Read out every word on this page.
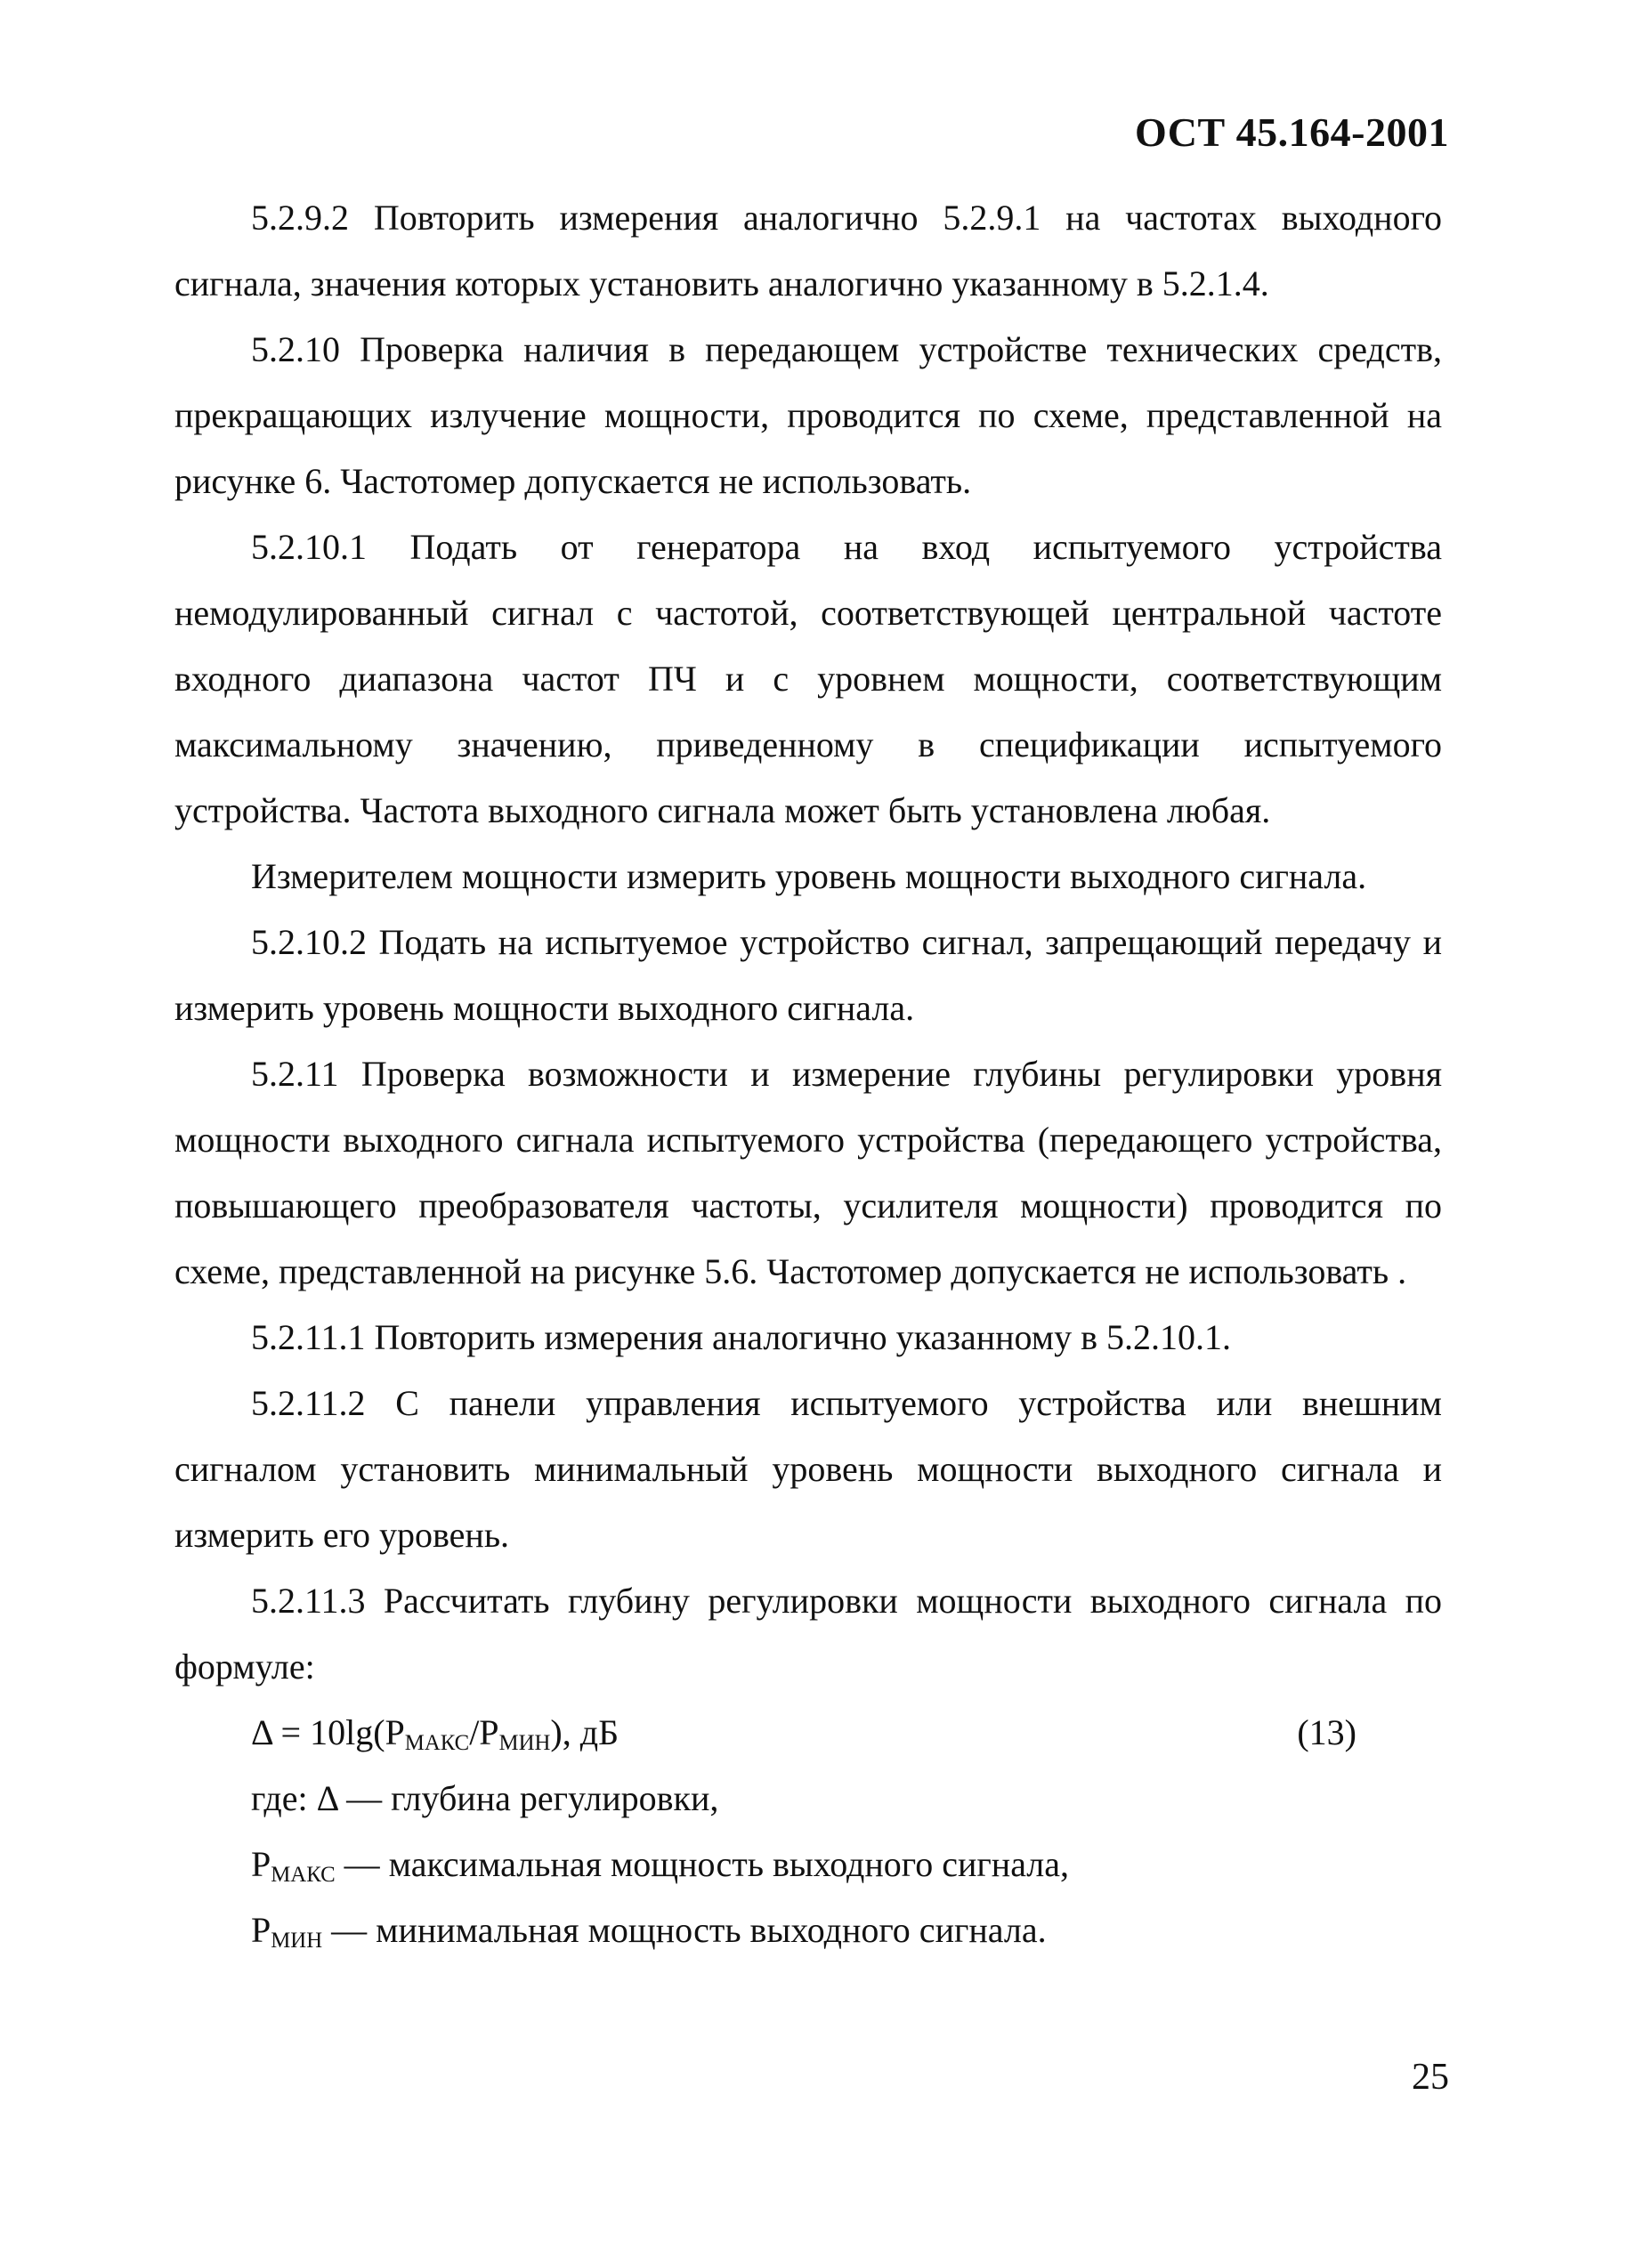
ОСТ 45.164-2001

5.2.9.2 Повторить измерения аналогично 5.2.9.1 на частотах выходного сигнала, значения которых установить аналогично указанному в 5.2.1.4.

5.2.10 Проверка наличия в передающем устройстве технических средств, прекращающих излучение мощности, проводится по схеме, представленной на рисунке 6. Частотомер допускается не использовать.

5.2.10.1 Подать от генератора на вход испытуемого устройства немодулированный сигнал с частотой, соответствующей центральной частоте входного диапазона частот ПЧ и с уровнем мощности, соответствующим максимальному значению, приведенному в спецификации испытуемого устройства. Частота выходного сигнала может быть установлена любая.

Измерителем мощности измерить уровень мощности выходного сигнала.

5.2.10.2 Подать на испытуемое устройство сигнал, запрещающий передачу и измерить уровень мощности выходного сигнала.

5.2.11 Проверка возможности и измерение глубины регулировки уровня мощности выходного сигнала испытуемого устройства (передающего устройства, повышающего преобразователя частоты, усилителя мощности) проводится по схеме, представленной на рисунке 5.6. Частотомер допускается не использовать .

5.2.11.1 Повторить измерения аналогично указанному в 5.2.10.1.

5.2.11.2 С панели управления испытуемого устройства или внешним сигналом установить минимальный уровень мощности выходного сигнала и измерить его уровень.

5.2.11.3 Рассчитать глубину регулировки мощности выходного сигнала по формуле:

$\Delta = 10\lg(P_{МАКС}/P_{МИН})$, дБ	(13)
где: Δ — глубина регулировки,
$P_{МАКС}$ — максимальная мощность выходного сигнала,
$P_{МИН}$ — минимальная мощность выходного сигнала.
25
